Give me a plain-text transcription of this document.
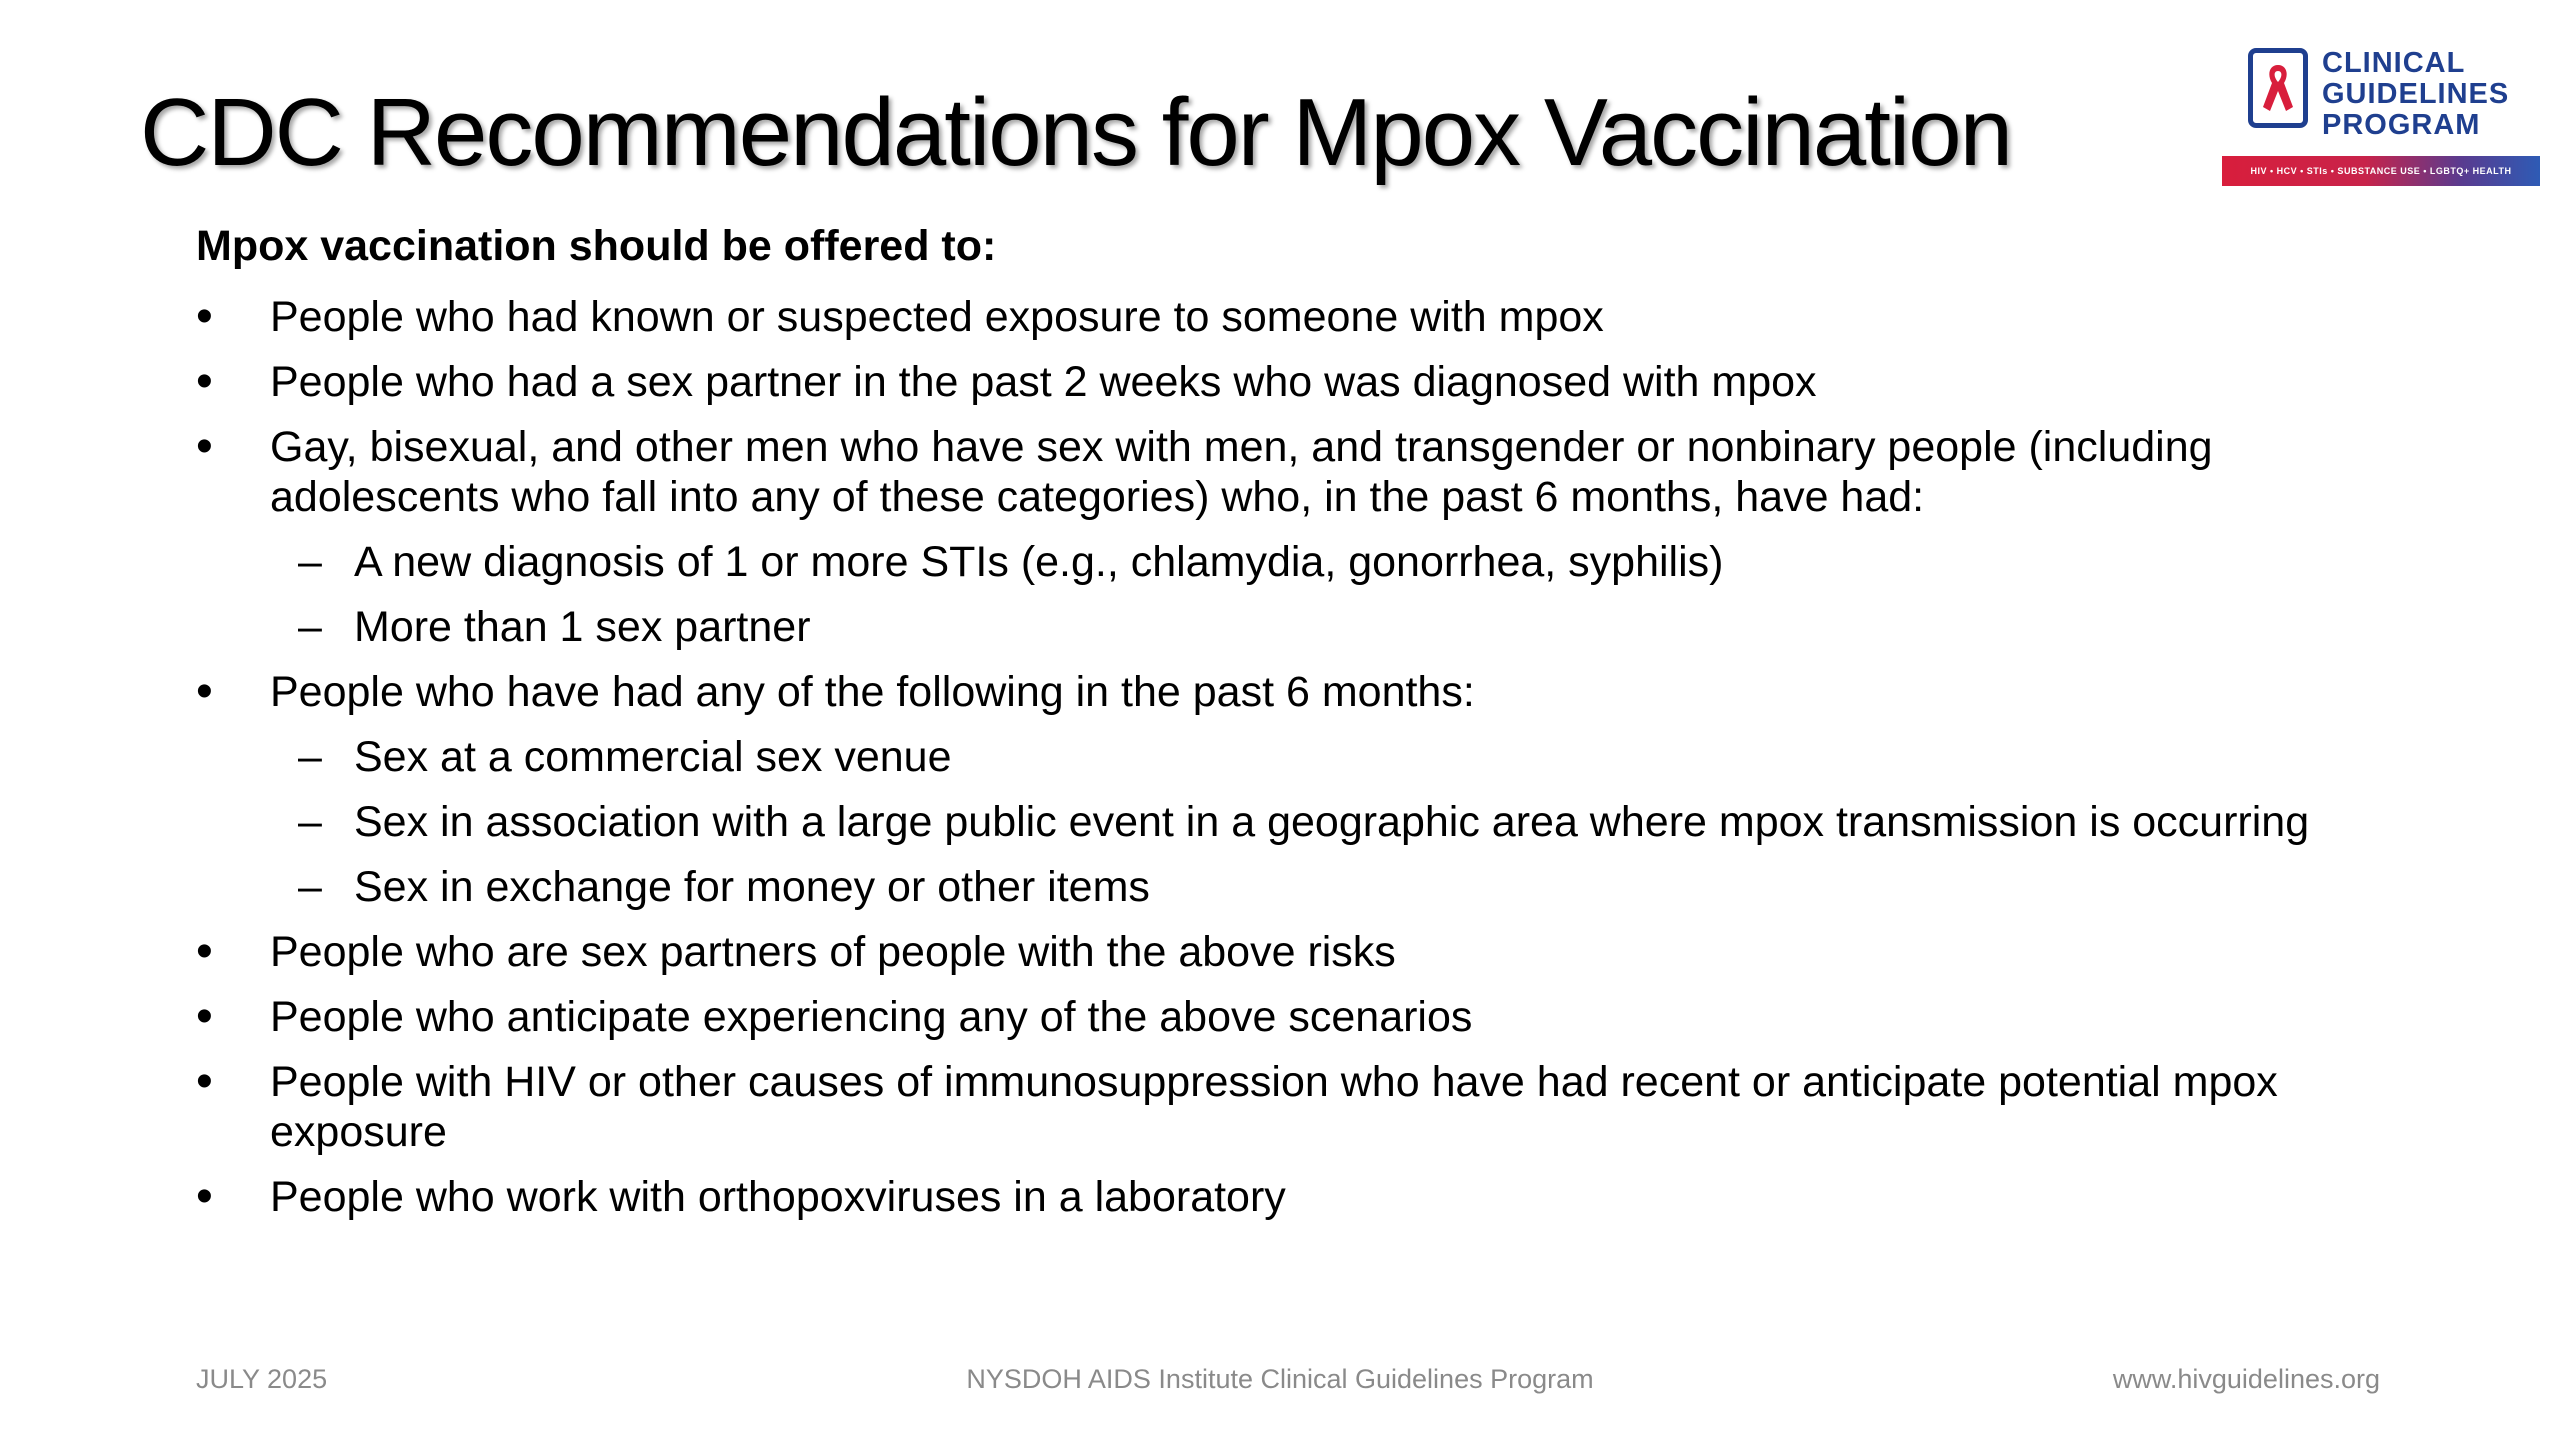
CDC Recommendations for Mpox Vaccination
CLINICAL
GUIDELINES
PROGRAM
HIV • HCV • STIs • SUBSTANCE USE • LGBTQ+ HEALTH
Mpox vaccination should be offered to:
• People who had known or suspected exposure to someone with mpox
• People who had a sex partner in the past 2 weeks who was diagnosed with mpox
• Gay, bisexual, and other men who have sex with men, and transgender or nonbinary people (including adolescents who fall into any of these categories) who, in the past 6 months, have had:
– A new diagnosis of 1 or more STIs (e.g., chlamydia, gonorrhea, syphilis)
– More than 1 sex partner
• People who have had any of the following in the past 6 months:
– Sex at a commercial sex venue
– Sex in association with a large public event in a geographic area where mpox transmission is occurring
– Sex in exchange for money or other items
• People who are sex partners of people with the above risks
• People who anticipate experiencing any of the above scenarios
• People with HIV or other causes of immunosuppression who have had recent or anticipate potential mpox exposure
• People who work with orthopoxviruses in a laboratory
JULY 2025	NYSDOH AIDS Institute Clinical Guidelines Program	www.hivguidelines.org
